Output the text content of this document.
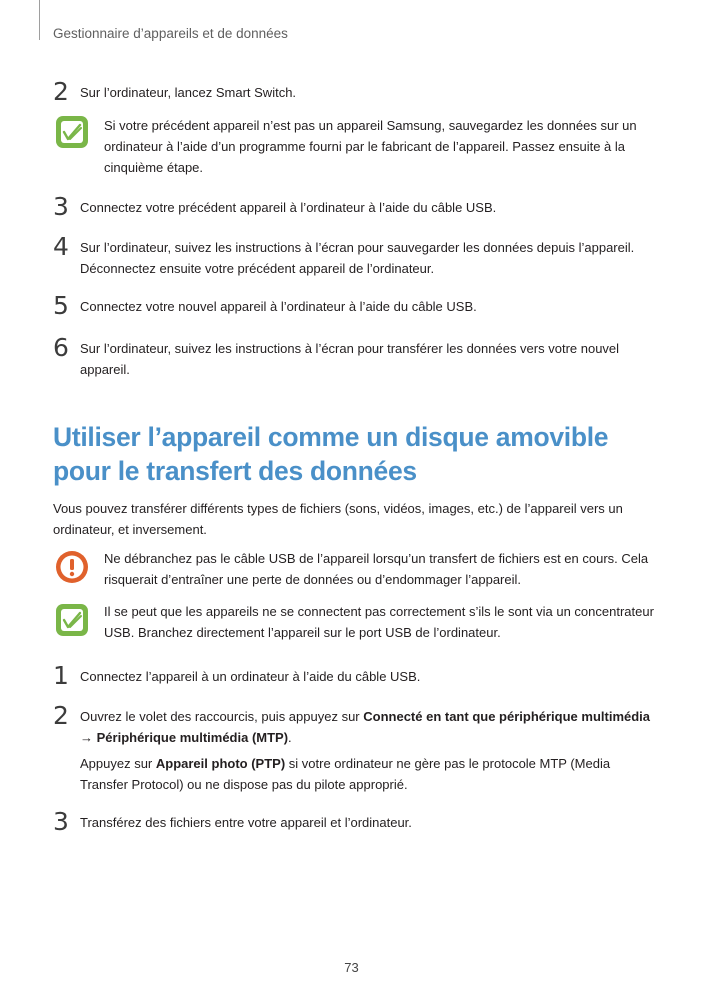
Gestionnaire d’appareils et de données
2 Sur l’ordinateur, lancez Smart Switch.
Si votre précédent appareil n’est pas un appareil Samsung, sauvegardez les données sur un ordinateur à l’aide d’un programme fourni par le fabricant de l’appareil. Passez ensuite à la cinquième étape.
3 Connectez votre précédent appareil à l’ordinateur à l’aide du câble USB.
4 Sur l’ordinateur, suivez les instructions à l’écran pour sauvegarder les données depuis l’appareil. Déconnectez ensuite votre précédent appareil de l’ordinateur.
5 Connectez votre nouvel appareil à l’ordinateur à l’aide du câble USB.
6 Sur l’ordinateur, suivez les instructions à l’écran pour transférer les données vers votre nouvel appareil.
Utiliser l’appareil comme un disque amovible pour le transfert des données
Vous pouvez transférer différents types de fichiers (sons, vidéos, images, etc.) de l’appareil vers un ordinateur, et inversement.
Ne débranchez pas le câble USB de l’appareil lorsqu’un transfert de fichiers est en cours. Cela risquerait d’entraîner une perte de données ou d’endommager l’appareil.
Il se peut que les appareils ne se connectent pas correctement s’ils le sont via un concentrateur USB. Branchez directement l’appareil sur le port USB de l’ordinateur.
1 Connectez l’appareil à un ordinateur à l’aide du câble USB.
2 Ouvrez le volet des raccourcis, puis appuyez sur Connecté en tant que périphérique multimédia → Périphérique multimédia (MTP).
Appuyez sur Appareil photo (PTP) si votre ordinateur ne gère pas le protocole MTP (Media Transfer Protocol) ou ne dispose pas du pilote approprié.
3 Transférez des fichiers entre votre appareil et l’ordinateur.
73
